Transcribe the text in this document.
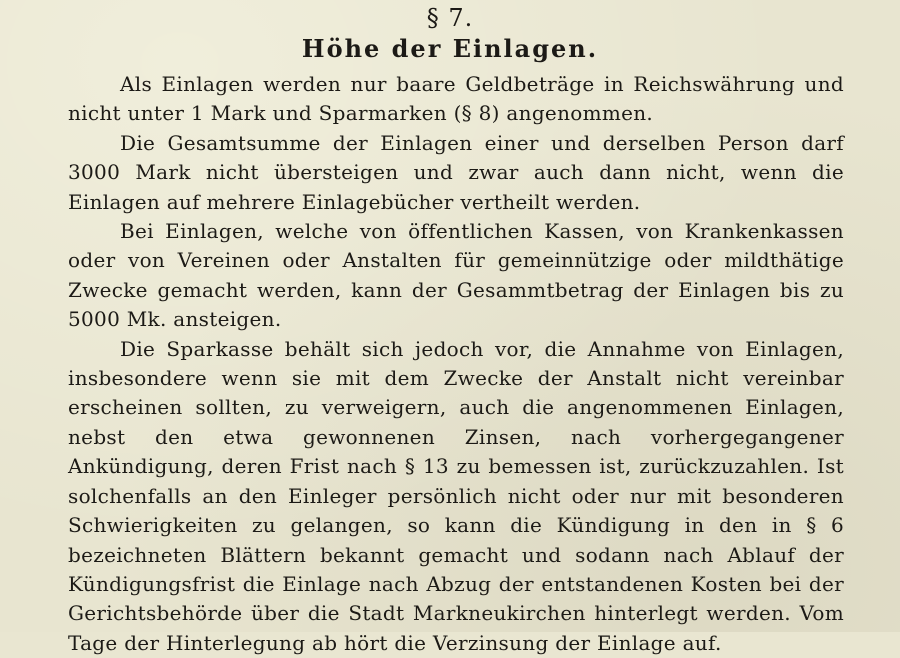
§ 7.
Höhe der Einlagen.

Als Einlagen werden nur baare Geldbeträge in Reichswährung und nicht unter 1 Mark und Sparmarken (§ 8) angenommen.

Die Gesamtsumme der Einlagen einer und derselben Person darf 3000 Mark nicht übersteigen und zwar auch dann nicht, wenn die Einlagen auf mehrere Einlagebücher vertheilt werden.

Bei Einlagen, welche von öffentlichen Kassen, von Krankenkassen oder von Vereinen oder Anstalten für gemeinnützige oder mildthätige Zwecke gemacht werden, kann der Gesammtbetrag der Einlagen bis zu 5000 Mk. ansteigen.

Die Sparkasse behält sich jedoch vor, die Annahme von Einlagen, insbesondere wenn sie mit dem Zwecke der Anstalt nicht vereinbar erscheinen sollten, zu verweigern, auch die angenommenen Einlagen, nebst den etwa gewonnenen Zinsen, nach vorhergegangener Ankündigung, deren Frist nach § 13 zu bemessen ist, zurückzuzahlen. Ist solchenfalls an den Einleger persönlich nicht oder nur mit besonderen Schwierigkeiten zu gelangen, so kann die Kündigung in den in § 6 bezeichneten Blättern bekannt gemacht und sodann nach Ablauf der Kündigungsfrist die Einlage nach Abzug der entstandenen Kosten bei der Gerichtsbehörde über die Stadt Markneukirchen hinterlegt werden. Vom Tage der Hinterlegung ab hört die Verzinsung der Einlage auf.
